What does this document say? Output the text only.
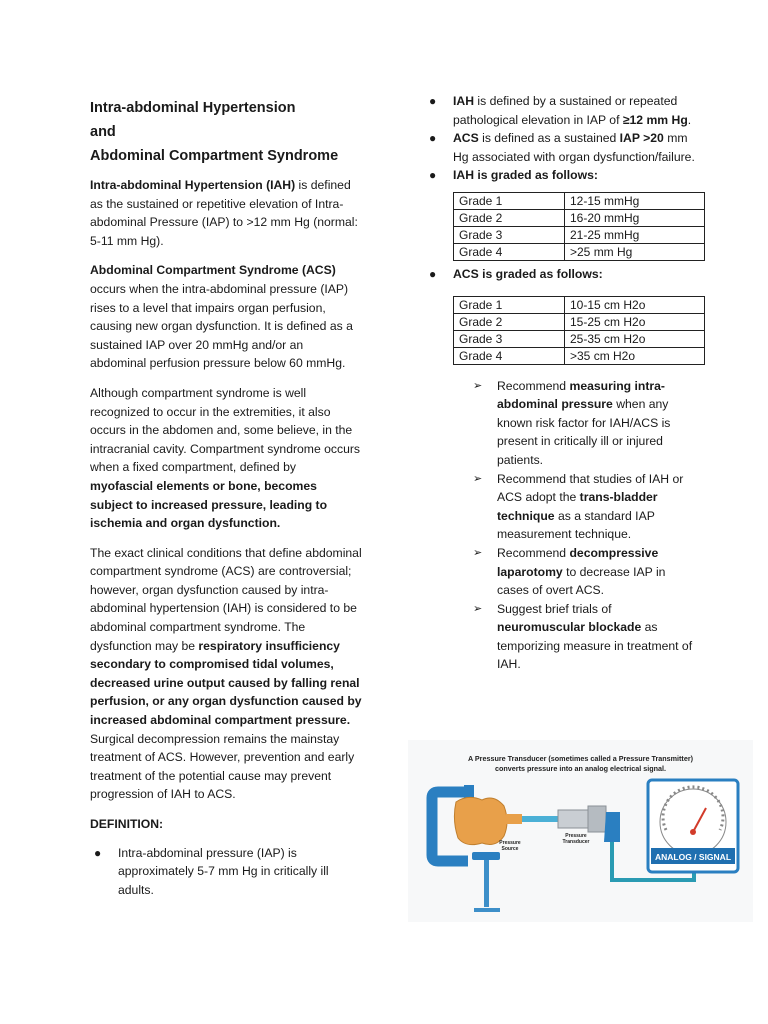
Intra-abdominal Hypertension
and
Abdominal Compartment Syndrome

Intra-abdominal Hypertension (IAH) is defined as the sustained or repetitive elevation of Intra-abdominal Pressure (IAP) to >12 mm Hg (normal: 5-11 mm Hg).

Abdominal Compartment Syndrome (ACS) occurs when the intra-abdominal pressure (IAP) rises to a level that impairs organ perfusion, causing new organ dysfunction. It is defined as a sustained IAP over 20 mmHg and/or an abdominal perfusion pressure below 60 mmHg.

Although compartment syndrome is well recognized to occur in the extremities, it also occurs in the abdomen and, some believe, in the intracranial cavity. Compartment syndrome occurs when a fixed compartment, defined by myofascial elements or bone, becomes subject to increased pressure, leading to ischemia and organ dysfunction.

The exact clinical conditions that define abdominal compartment syndrome (ACS) are controversial; however, organ dysfunction caused by intra-abdominal hypertension (IAH) is considered to be abdominal compartment syndrome. The dysfunction may be respiratory insufficiency secondary to compromised tidal volumes, decreased urine output caused by falling renal perfusion, or any organ dysfunction caused by increased abdominal compartment pressure. Surgical decompression remains the mainstay treatment of ACS. However, prevention and early treatment of the potential cause may prevent progression of IAH to ACS.

DEFINITION:
● Intra-abdominal pressure (IAP) is approximately 5-7 mm Hg in critically ill adults.
● IAH is defined by a sustained or repeated pathological elevation in IAP of ≥12 mm Hg.
● ACS is defined as a sustained IAP >20 mm Hg associated with organ dysfunction/failure.
● IAH is graded as follows:
Grade 1	12-15 mmHg
Grade 2	16-20 mmHg
Grade 3	21-25 mmHg
Grade 4	>25 mm Hg
● ACS is graded as follows:
Grade 1	10-15 cm H2o
Grade 2	15-25 cm H2o
Grade 3	25-35 cm H2o
Grade 4	>35 cm H2o
➢ Recommend measuring intra-abdominal pressure when any known risk factor for IAH/ACS is present in critically ill or injured patients.
➢ Recommend that studies of IAH or ACS adopt the trans-bladder technique as a standard IAP measurement technique.
➢ Recommend decompressive laparotomy to decrease IAP in cases of overt ACS.
➢ Suggest brief trials of neuromuscular blockade as temporizing measure in treatment of IAH.
A Pressure Transducer (sometimes called a Pressure Transmitter)
converts pressure into an analog electrical signal.
ANALOG / SIGNAL
Pressure
Source
Pressure
Transducer
